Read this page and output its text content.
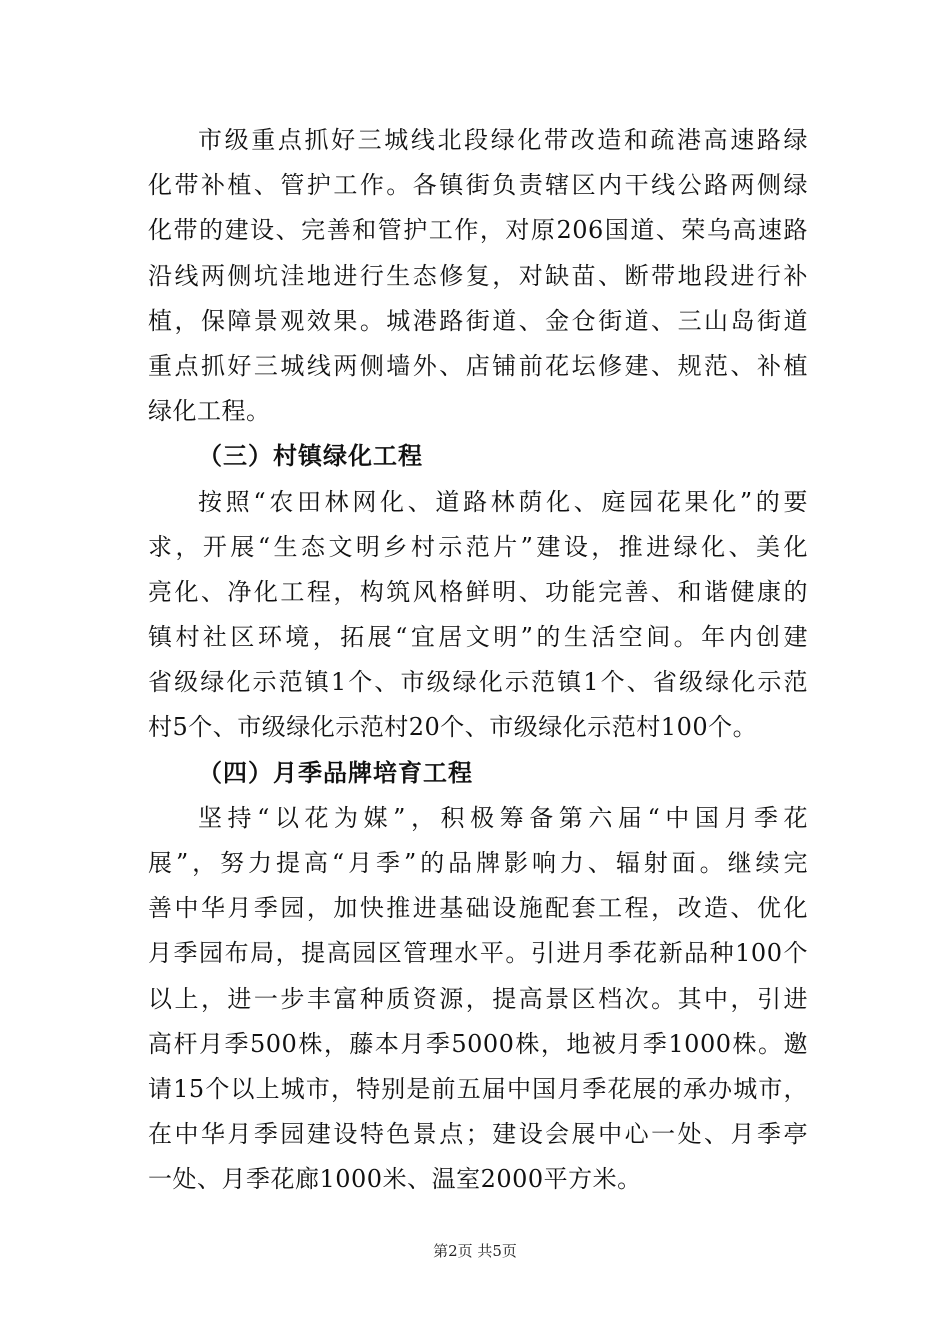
市级重点抓好三城线北段绿化带改造和疏港高速路绿
化带补植、管护工作。各镇街负责辖区内干线公路两侧绿
化带的建设、完善和管护工作，对原206国道、荣乌高速路
沿线两侧坑洼地进行生态修复，对缺苗、断带地段进行补
植，保障景观效果。城港路街道、金仓街道、三山岛街道
重点抓好三城线两侧墙外、店铺前花坛修建、规范、补植
绿化工程。
（三）村镇绿化工程
按照“农田林网化、道路林荫化、庭园花果化”的要
求，开展“生态文明乡村示范片”建设，推进绿化、美化
亮化、净化工程，构筑风格鲜明、功能完善、和谐健康的
镇村社区环境，拓展“宜居文明”的生活空间。年内创建
省级绿化示范镇1个、市级绿化示范镇1个、省级绿化示范
村5个、市级绿化示范村20个、市级绿化示范村100个。
（四）月季品牌培育工程
坚持“以花为媒”，积极筹备第六届“中国月季花
展”，努力提高“月季”的品牌影响力、辐射面。继续完
善中华月季园，加快推进基础设施配套工程，改造、优化
月季园布局，提高园区管理水平。引进月季花新品种100个
以上，进一步丰富种质资源，提高景区档次。其中，引进
高杆月季500株，藤本月季5000株，地被月季1000株。邀
请15个以上城市，特别是前五届中国月季花展的承办城市，
在中华月季园建设特色景点；建设会展中心一处、月季亭
一处、月季花廊1000米、温室2000平方米。
第2页 共5页
